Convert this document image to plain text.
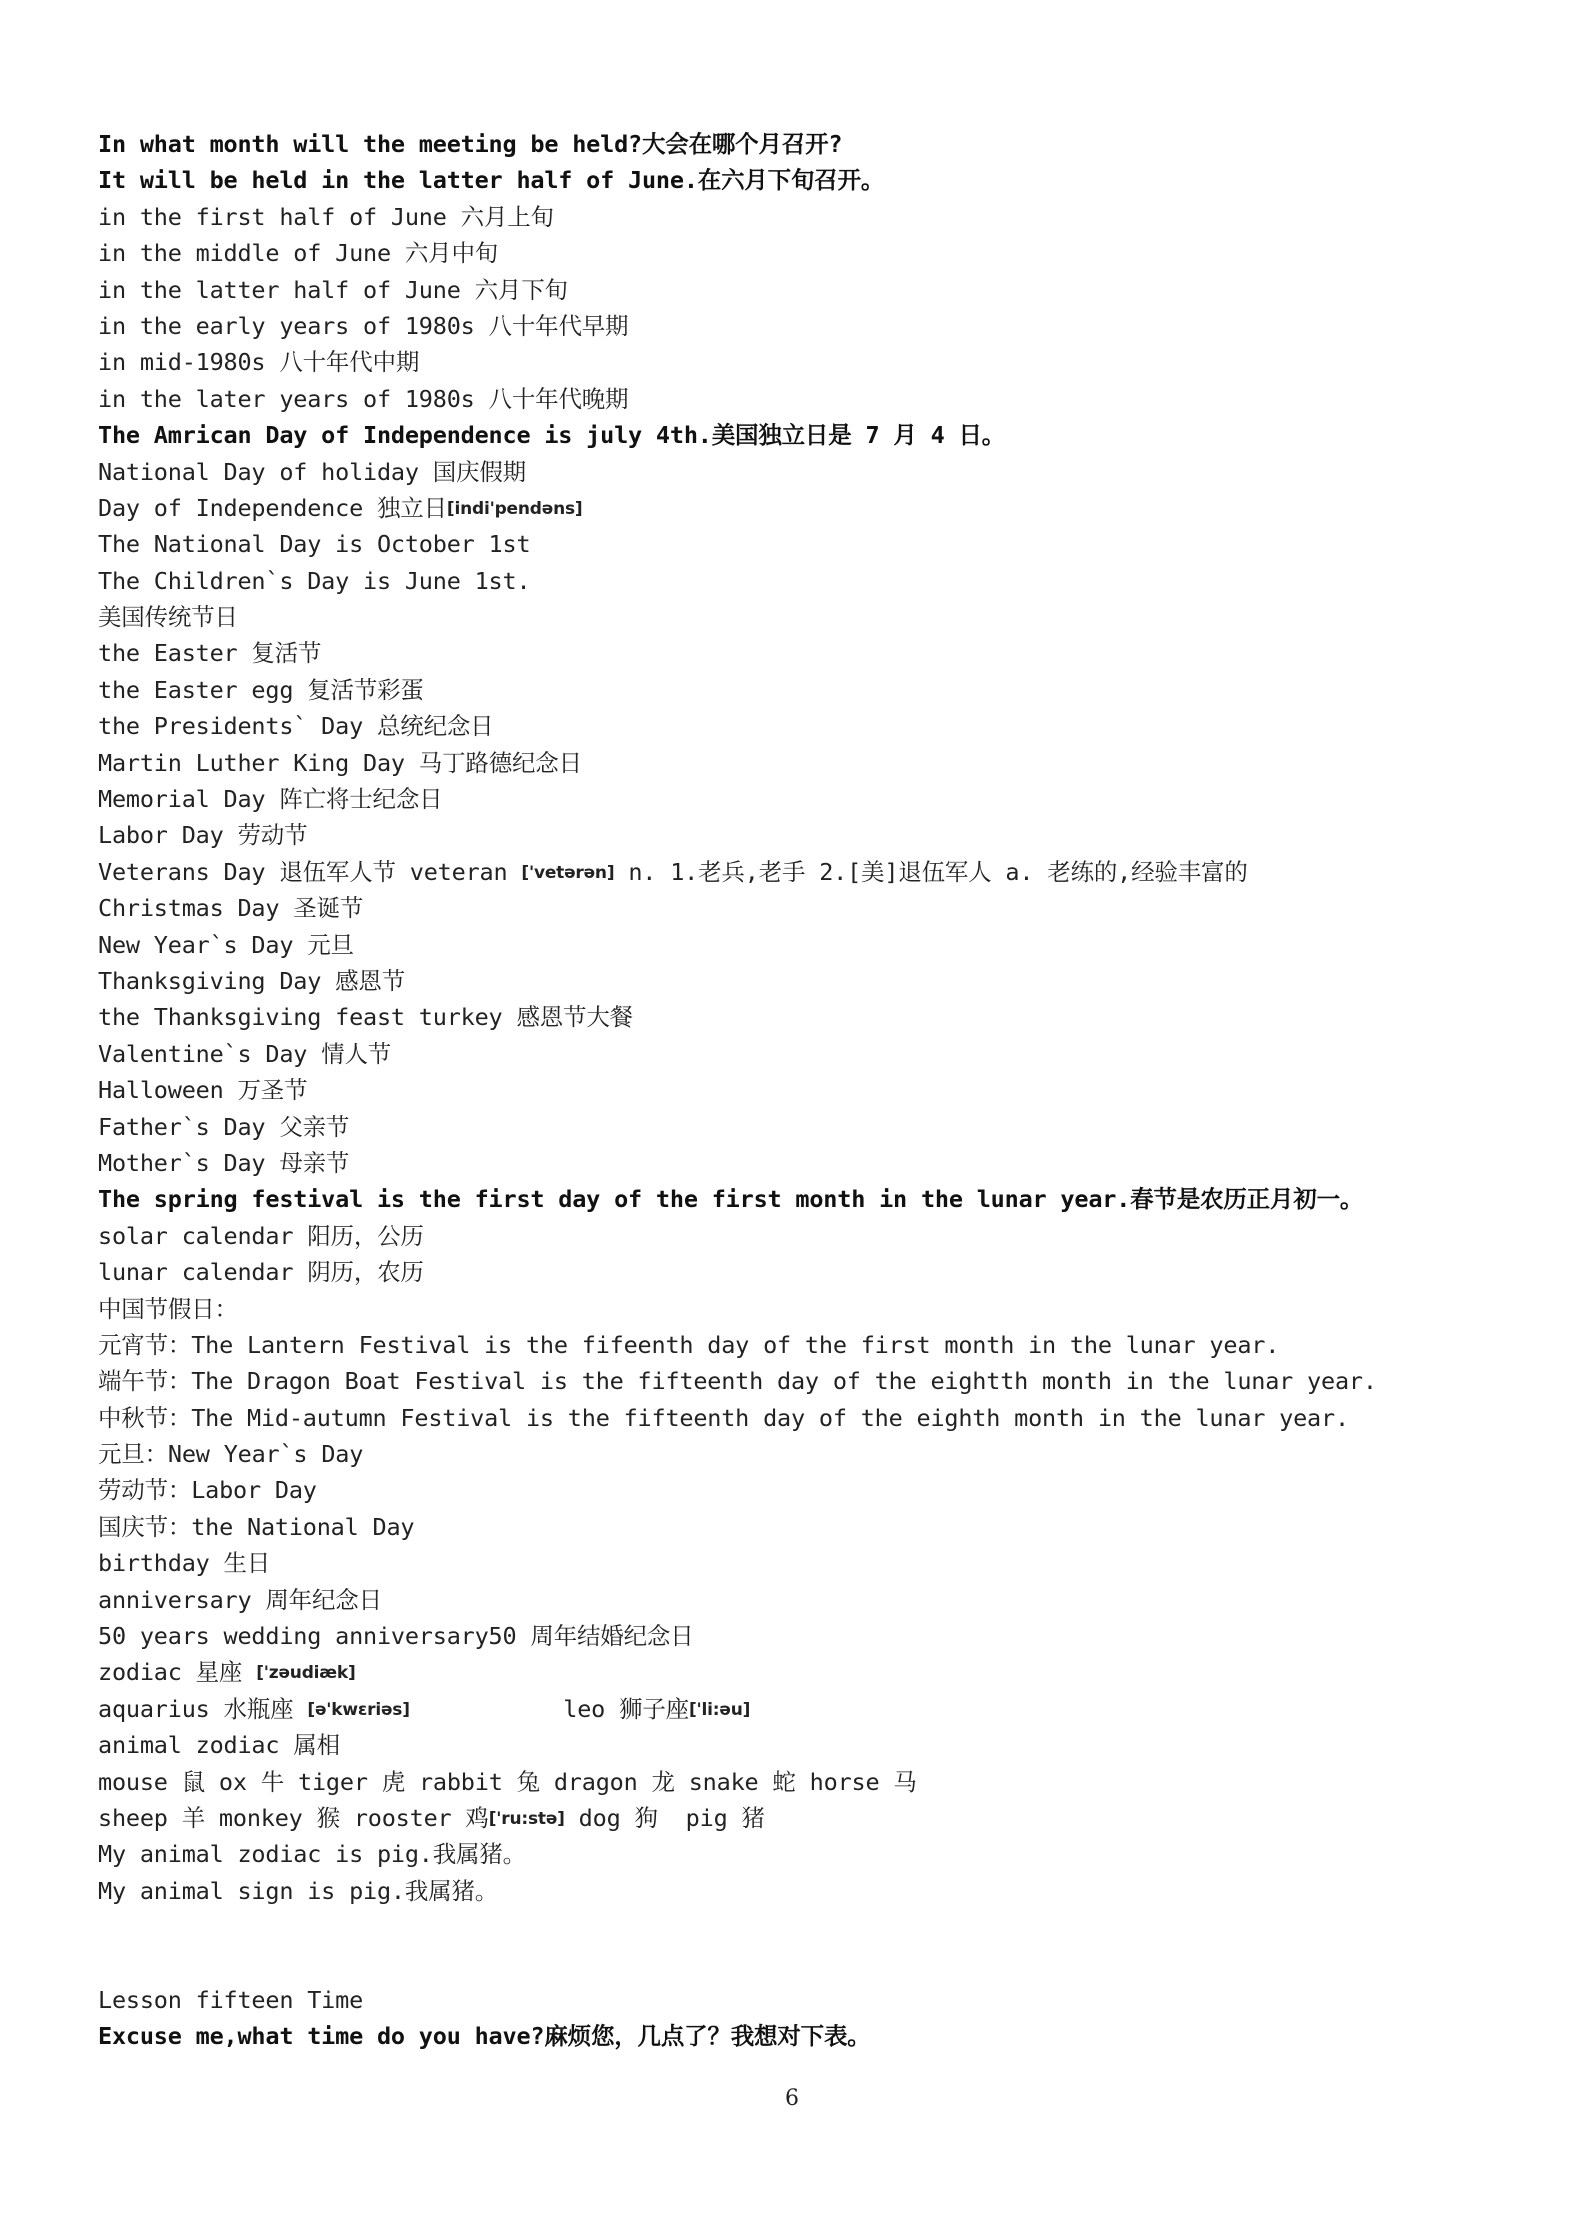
In what month will the meeting be held?大会在哪个月召开?
It will be held in the latter half of June.在六月下旬召开。
in the first half of June 六月上旬
in the middle of June 六月中旬
in the latter half of June 六月下旬
in the early years of 1980s 八十年代早期
in mid-1980s 八十年代中期
in the later years of 1980s 八十年代晚期
The Amrican Day of Independence is july 4th.美国独立日是 7 月 4 日。
National Day of holiday 国庆假期
Day of Independence 独立日[indi'pendəns]
The National Day is October 1st
The Children`s Day is June 1st.
美国传统节日
the Easter 复活节
the Easter egg 复活节彩蛋
the Presidents` Day 总统纪念日
Martin Luther King Day 马丁路德纪念日
Memorial Day 阵亡将士纪念日
Labor Day 劳动节
Veterans Day 退伍军人节 veteran ['vetərən] n. 1.老兵,老手 2.[美]退伍军人 a. 老练的,经验丰富的
Christmas Day 圣诞节
New Year`s Day 元旦
Thanksgiving Day 感恩节
the Thanksgiving feast turkey 感恩节大餐
Valentine`s Day 情人节
Halloween 万圣节
Father`s Day 父亲节
Mother`s Day 母亲节
The spring festival is the first day of the first month in the lunar year.春节是农历正月初一。
solar calendar 阳历，公历
lunar calendar 阴历，农历
中国节假日：
元宵节：The Lantern Festival is the fifeenth day of the first month in the lunar year.
端午节：The Dragon Boat Festival is the fifteenth day of the eightth month in the lunar year.
中秋节：The Mid-autumn Festival is the fifteenth day of the eighth month in the lunar year.
元旦：New Year`s Day
劳动节：Labor Day
国庆节：the National Day
birthday 生日
anniversary 周年纪念日
50 years wedding anniversary50 周年结婚纪念日
zodiac 星座 ['zəudiæk]
aquarius 水瓶座 [ə'kwɛriəs]           leo 狮子座['li:əu]
animal zodiac 属相
mouse 鼠 ox 牛 tiger 虎 rabbit 兔 dragon 龙 snake 蛇 horse 马
sheep 羊 monkey 猴 rooster 鸡['ru:stə] dog 狗  pig 猪
My animal zodiac is pig.我属猪。
My animal sign is pig.我属猪。
Lesson fifteen Time
Excuse me,what time do you have?麻烦您，几点了？我想对下表。
6
